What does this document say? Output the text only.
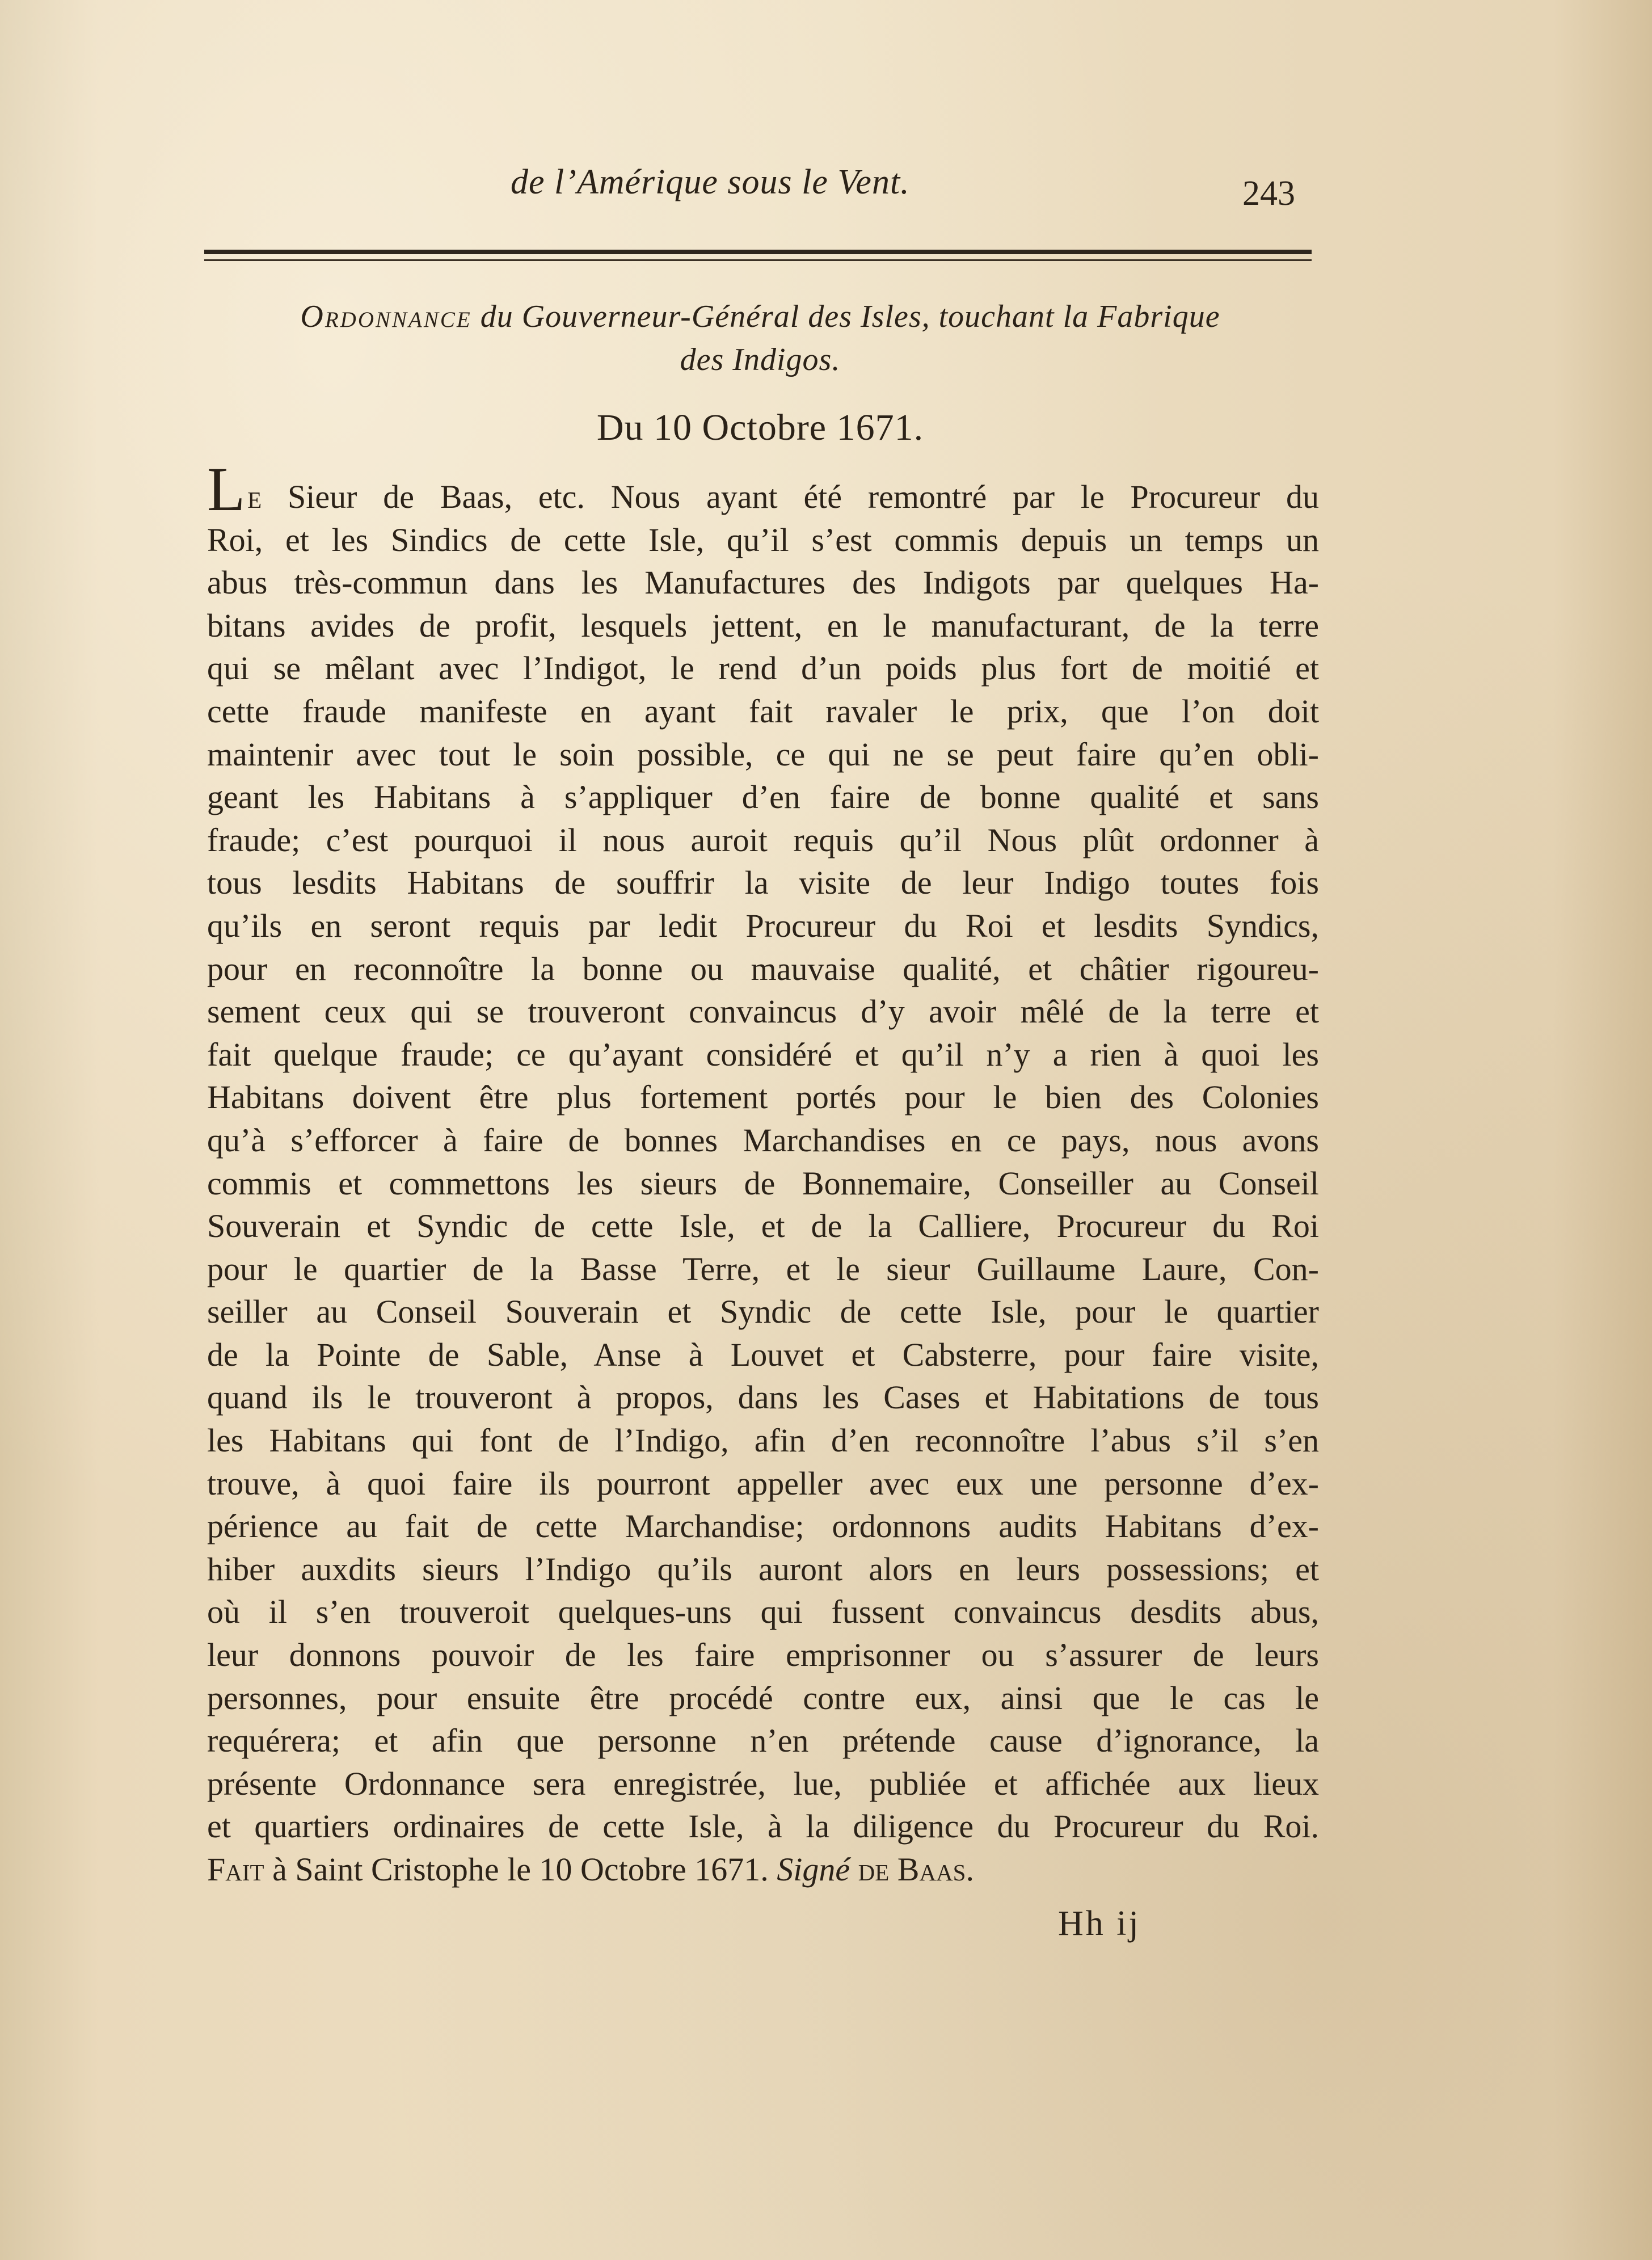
de l’Amérique sous le Vent.	243
Ordonnance du Gouverneur-Général des Isles, touchant la Fabrique
des Indigos.
Du 10 Octobre 1671.
Le Sieur de Baas, etc. Nous ayant été remontré par le Procureur du
Roi, et les Sindics de cette Isle, qu’il s’est commis depuis un temps un
abus très-commun dans les Manufactures des Indigots par quelques Ha-
bitans avides de profit, lesquels jettent, en le manufacturant, de la terre
qui se mêlant avec l’Indigot, le rend d’un poids plus fort de moitié et
cette fraude manifeste en ayant fait ravaler le prix, que l’on doit
maintenir avec tout le soin possible, ce qui ne se peut faire qu’en obli-
geant les Habitans à s’appliquer d’en faire de bonne qualité et sans
fraude; c’est pourquoi il nous auroit requis qu’il Nous plût ordonner à
tous lesdits Habitans de souffrir la visite de leur Indigo toutes fois
qu’ils en seront requis par ledit Procureur du Roi et lesdits Syndics,
pour en reconnoître la bonne ou mauvaise qualité, et châtier rigoureu-
sement ceux qui se trouveront convaincus d’y avoir mêlé de la terre et
fait quelque fraude; ce qu’ayant considéré et qu’il n’y a rien à quoi les
Habitans doivent être plus fortement portés pour le bien des Colonies
qu’à s’efforcer à faire de bonnes Marchandises en ce pays, nous avons
commis et commettons les sieurs de Bonnemaire, Conseiller au Conseil
Souverain et Syndic de cette Isle, et de la Calliere, Procureur du Roi
pour le quartier de la Basse Terre, et le sieur Guillaume Laure, Con-
seiller au Conseil Souverain et Syndic de cette Isle, pour le quartier
de la Pointe de Sable, Anse à Louvet et Cabsterre, pour faire visite,
quand ils le trouveront à propos, dans les Cases et Habitations de tous
les Habitans qui font de l’Indigo, afin d’en reconnoître l’abus s’il s’en
trouve, à quoi faire ils pourront appeller avec eux une personne d’ex-
périence au fait de cette Marchandise; ordonnons audits Habitans d’ex-
hiber auxdits sieurs l’Indigo qu’ils auront alors en leurs possessions; et
où il s’en trouveroit quelques-uns qui fussent convaincus desdits abus,
leur donnons pouvoir de les faire emprisonner ou s’assurer de leurs
personnes, pour ensuite être procédé contre eux, ainsi que le cas le
requérera; et afin que personne n’en prétende cause d’ignorance, la
présente Ordonnance sera enregistrée, lue, publiée et affichée aux lieux
et quartiers ordinaires de cette Isle, à la diligence du Procureur du Roi.
Fait à Saint Cristophe le 10 Octobre 1671. Signé de Baas.
Hh ij
